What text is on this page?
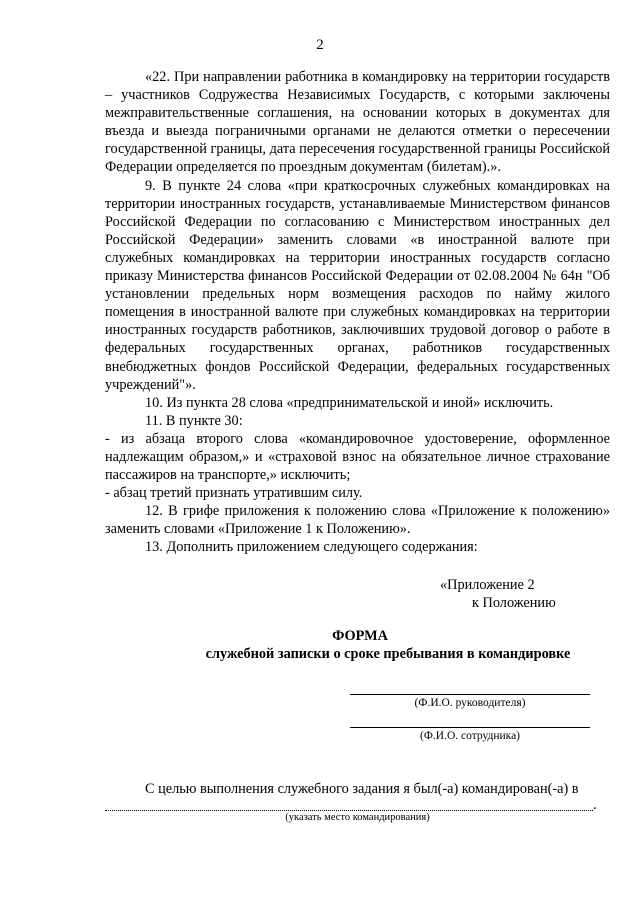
2

«22. При направлении работника в командировку на территории государств – участников Содружества Независимых Государств, с которыми заключены межправительственные соглашения, на основании которых в документах для въезда и выезда пограничными органами не делаются отметки о пересечении государственной границы, дата пересечения государственной границы Российской Федерации определяется по проездным документам (билетам).».

9. В пункте 24 слова «при краткосрочных служебных командировках на территории иностранных государств, устанавливаемые Министерством финансов Российской Федерации по согласованию с Министерством иностранных дел Российской Федерации» заменить словами «в иностранной валюте при служебных командировках на территории иностранных государств согласно приказу Министерства финансов Российской Федерации от 02.08.2004 № 64н "Об установлении предельных норм возмещения расходов по найму жилого помещения в иностранной валюте при служебных командировках на территории иностранных государств работников, заключивших трудовой договор о работе в федеральных государственных органах, работников государственных внебюджетных фондов Российской Федерации, федеральных государственных учреждений"».

10. Из пункта 28 слова «предпринимательской и иной» исключить.

11. В пункте 30:

- из абзаца второго слова «командировочное удостоверение, оформленное надлежащим образом,» и «страховой взнос на обязательное личное страхование пассажиров на транспорте,» исключить;

- абзац третий признать утратившим силу.

12. В грифе приложения к положению слова «Приложение к положению» заменить словами «Приложение 1 к Положению».

13. Дополнить приложением следующего содержания:

«Приложение 2
к Положению
ФОРМА
служебной записки о сроке пребывания в командировке
(Ф.И.О. руководителя)
(Ф.И.О. сотрудника)
С целью выполнения служебного задания я был(-а) командирован(-а) в
.
(указать место командирования)
